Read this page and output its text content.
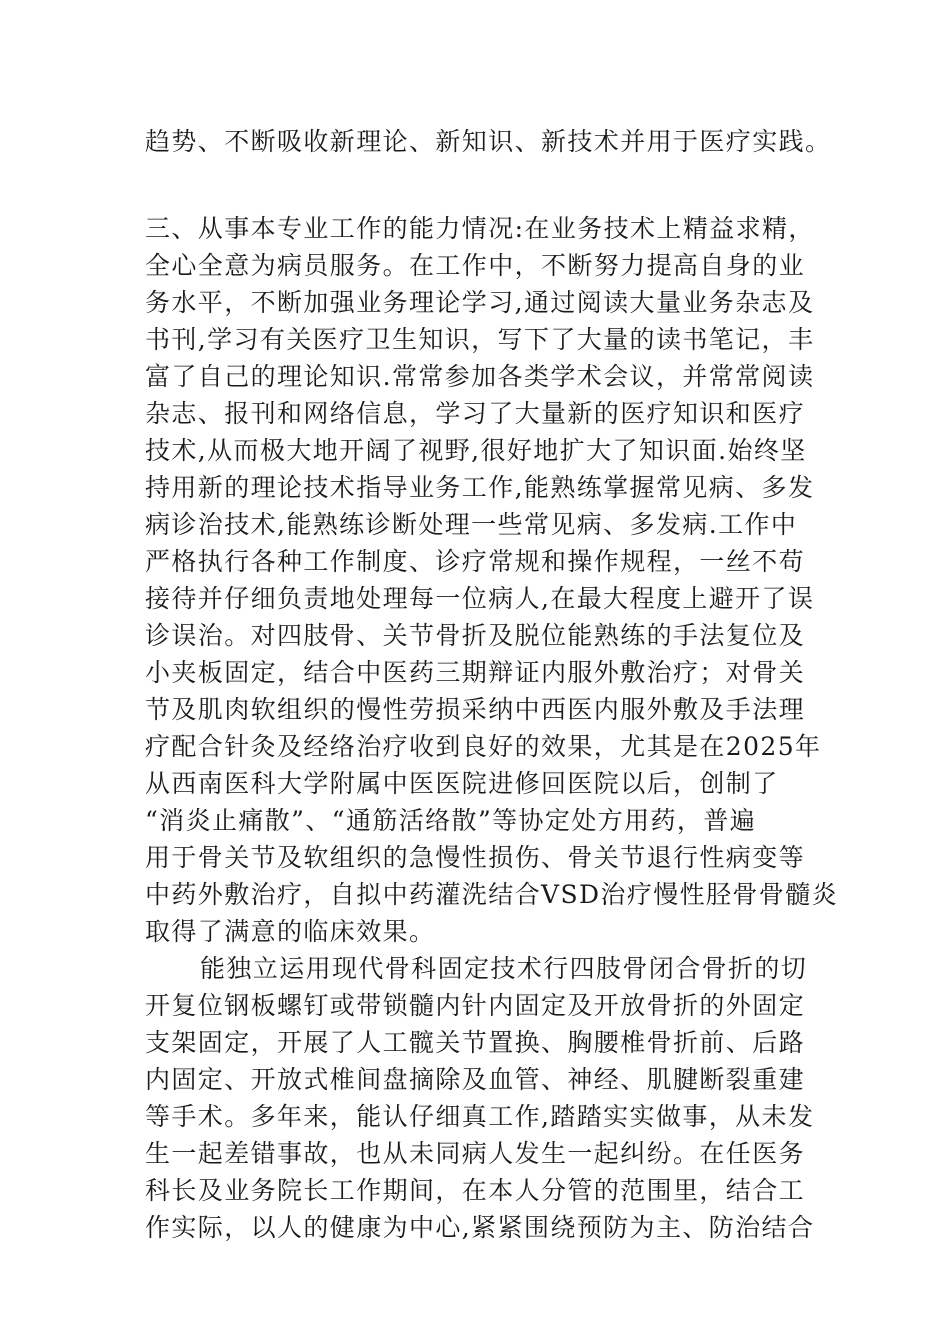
趋势、不断吸收新理论、新知识、新技术并用于医疗实践。

三、从事本专业工作的能力情况:在业务技术上精益求精，

全心全意为病员服务。在工作中，不断努力提高自身的业

务水平，不断加强业务理论学习,通过阅读大量业务杂志及

书刊,学习有关医疗卫生知识，写下了大量的读书笔记，丰

富了自己的理论知识.常常参加各类学术会议，并常常阅读

杂志、报刊和网络信息，学习了大量新的医疗知识和医疗

技术,从而极大地开阔了视野,很好地扩大了知识面.始终坚

持用新的理论技术指导业务工作,能熟练掌握常见病、多发

病诊治技术,能熟练诊断处理一些常见病、多发病.工作中

严格执行各种工作制度、诊疗常规和操作规程，一丝不苟

接待并仔细负责地处理每一位病人,在最大程度上避开了误

诊误治。对四肢骨、关节骨折及脱位能熟练的手法复位及

小夹板固定，结合中医药三期辩证内服外敷治疗；对骨关

节及肌肉软组织的慢性劳损采纳中西医内服外敷及手法理

疗配合针灸及经络治疗收到良好的效果，尤其是在2025年

从西南医科大学附属中医医院进修回医院以后，创制了

“消炎止痛散”、“通筋活络散”等协定处方用药，普遍

用于骨关节及软组织的急慢性损伤、骨关节退行性病变等

中药外敷治疗，自拟中药灌洗结合VSD治疗慢性胫骨骨髓炎

取得了满意的临床效果。

能独立运用现代骨科固定技术行四肢骨闭合骨折的切

开复位钢板螺钉或带锁髓内针内固定及开放骨折的外固定

支架固定，开展了人工髋关节置换、胸腰椎骨折前、后路

内固定、开放式椎间盘摘除及血管、神经、肌腱断裂重建

等手术。多年来，能认仔细真工作,踏踏实实做事，从未发

生一起差错事故，也从未同病人发生一起纠纷。在任医务

科长及业务院长工作期间，在本人分管的范围里，结合工

作实际，以人的健康为中心,紧紧围绕预防为主、防治结合
